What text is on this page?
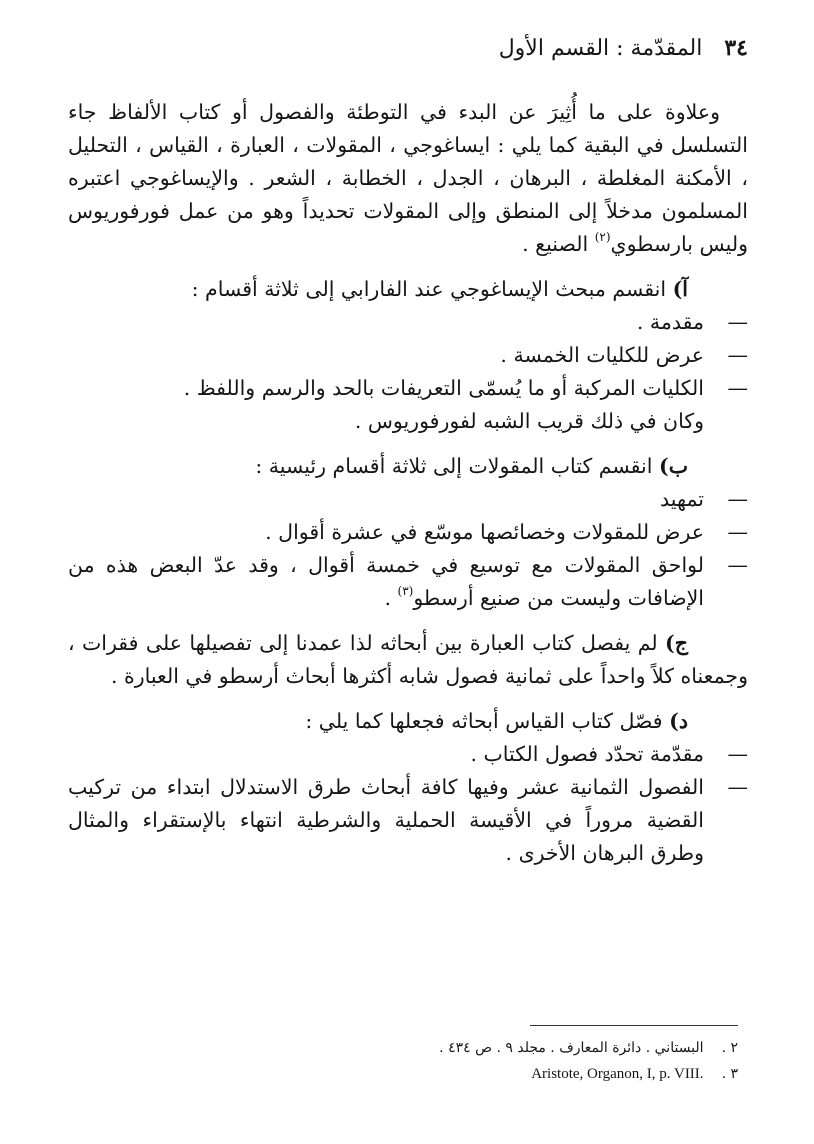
٣٤
المقدّمة : القسم الأول

وعلاوة على ما أُثِيرَ عن البدء في التوطئة والفصول أو كتاب الألفاظ جاء التسلسل في البقية كما يلي : ايساغوجي ، المقولات ، العبارة ، القياس ، التحليل ، الأمكنة المغلطة ، البرهان ، الجدل ، الخطابة ، الشعر . والإيساغوجي اعتبره المسلمون مدخلاً إلى المنطق وإلى المقولات تحديداً وهو من عمل فورفوريوس وليس بارسطوي$^{(٢)}$ الصنيع .

آ) انقسم مبحث الإيساغوجي عند الفارابي إلى ثلاثة أقسام :
—
مقدمة .
—
عرض للكليات الخمسة .
—
الكليات المركبة أو ما يُسمّى التعريفات بالحد والرسم واللفظ .
وكان في ذلك قريب الشبه لفورفوريوس .
ب) انقسم كتاب المقولات إلى ثلاثة أقسام رئيسية :
—
تمهيد
—
عرض للمقولات وخصائصها موسّع في عشرة أقوال .
—
لواحق المقولات مع توسيع في خمسة أقوال ، وقد عدّ البعض هذه من الإضافات وليست من صنيع أرسطو$^{(٣)}$ .

ج) لم يفصل كتاب العبارة بين أبحاثه لذا عمدنا إلى تفصيلها على فقرات ، وجمعناه كلاً واحداً على ثمانية فصول شابه أكثرها أبحاث أرسطو في العبارة .

د) فصّل كتاب القياس أبحاثه فجعلها كما يلي :
—
مقدّمة تحدّد فصول الكتاب .
—
الفصول الثمانية عشر وفيها كافة أبحاث طرق الاستدلال ابتداء من تركيب القضية مروراً في الأقيسة الحملية والشرطية انتهاء بالإستقراء والمثال وطرق البرهان الأخرى .
٢ .
البستاني . دائرة المعارف . مجلد ٩ . ص ٤٣٤ .
٣ .
Aristote, Organon, I, p. VIII.
